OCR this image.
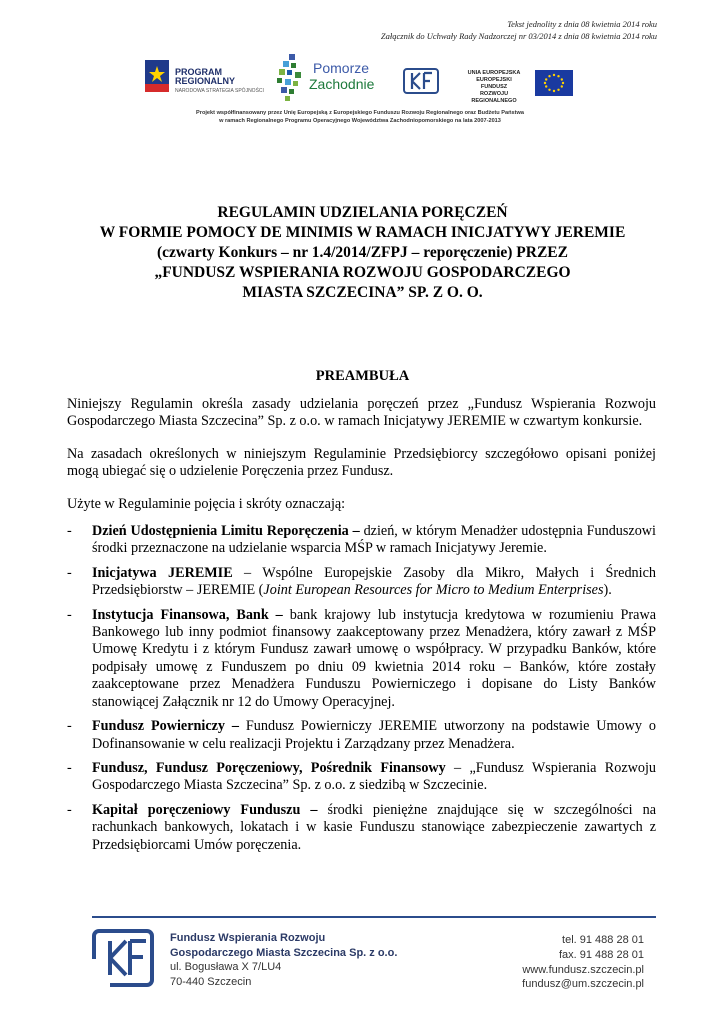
Tekst jednolity z dnia 08 kwietnia 2014 roku
Załącznik do Uchwały Rady Nadzorczej nr 03/2014 z dnia 08 kwietnia 2014 roku
PROGRAM
REGIONALNY
NARODOWA STRATEGIA SPÓJNOŚCI
Pomorze
Zachodnie
UNIA EUROPEJSKA
EUROPEJSKI FUNDUSZ
ROZWOJU REGIONALNEGO
Projekt współfinansowany przez Unię Europejską z Europejskiego Funduszu Rozwoju Regionalnego oraz Budżetu Państwa
w ramach Regionalnego Programu Operacyjnego Województwa Zachodniopomorskiego na lata 2007-2013
REGULAMIN UDZIELANIA PORĘCZEŃ
W FORMIE POMOCY DE MINIMIS W RAMACH INICJATYWY JEREMIE
(czwarty Konkurs – nr 1.4/2014/ZFPJ – reporęczenie) PRZEZ
„FUNDUSZ WSPIERANIA ROZWOJU GOSPODARCZEGO
MIASTA SZCZECINA” SP. Z O. O.
PREAMBUŁA

Niniejszy Regulamin określa zasady udzielania poręczeń przez „Fundusz Wspierania Rozwoju Gospodarczego Miasta Szczecina” Sp. z o.o. w ramach Inicjatywy JEREMIE w czwartym konkursie.

Na zasadach określonych w niniejszym Regulaminie Przedsiębiorcy szczegółowo opisani poniżej mogą ubiegać się o udzielenie Poręczenia przez Fundusz.

Użyte w Regulaminie pojęcia i skróty oznaczają:

- Dzień Udostępnienia Limitu Reporęczenia – dzień, w którym Menadżer udostępnia Funduszowi środki przeznaczone na udzielanie wsparcia MŚP w ramach Inicjatywy Jeremie.
- Inicjatywa JEREMIE – Wspólne Europejskie Zasoby dla Mikro, Małych i Średnich Przedsiębiorstw – JEREMIE (Joint European Resources for Micro to Medium Enterprises).
- Instytucja Finansowa, Bank – bank krajowy lub instytucja kredytowa w rozumieniu Prawa Bankowego lub inny podmiot finansowy zaakceptowany przez Menadżera, który zawarł z MŚP Umowę Kredytu i z którym Fundusz zawarł umowę o współpracy. W przypadku Banków, które podpisały umowę z Funduszem po dniu 09 kwietnia 2014 roku – Banków, które zostały zaakceptowane przez Menadżera Funduszu Powierniczego i dopisane do Listy Banków stanowiącej Załącznik nr 12 do Umowy Operacyjnej.
- Fundusz Powierniczy – Fundusz Powierniczy JEREMIE utworzony na podstawie Umowy o Dofinansowanie w celu realizacji Projektu i Zarządzany przez Menadżera.
- Fundusz, Fundusz Poręczeniowy, Pośrednik Finansowy – „Fundusz Wspierania Rozwoju Gospodarczego Miasta Szczecina” Sp. z o.o. z siedzibą w Szczecinie.
- Kapitał poręczeniowy Funduszu – środki pieniężne znajdujące się w szczególności na rachunkach bankowych, lokatach i w kasie Funduszu stanowiące zabezpieczenie zawartych z Przedsiębiorcami Umów poręczenia.
Fundusz Wspierania Rozwoju
Gospodarczego Miasta Szczecina Sp. z o.o.
ul. Bogusława X 7/LU4
70-440 Szczecin
tel. 91 488 28 01
fax. 91 488 28 01
www.fundusz.szczecin.pl
fundusz@um.szczecin.pl
